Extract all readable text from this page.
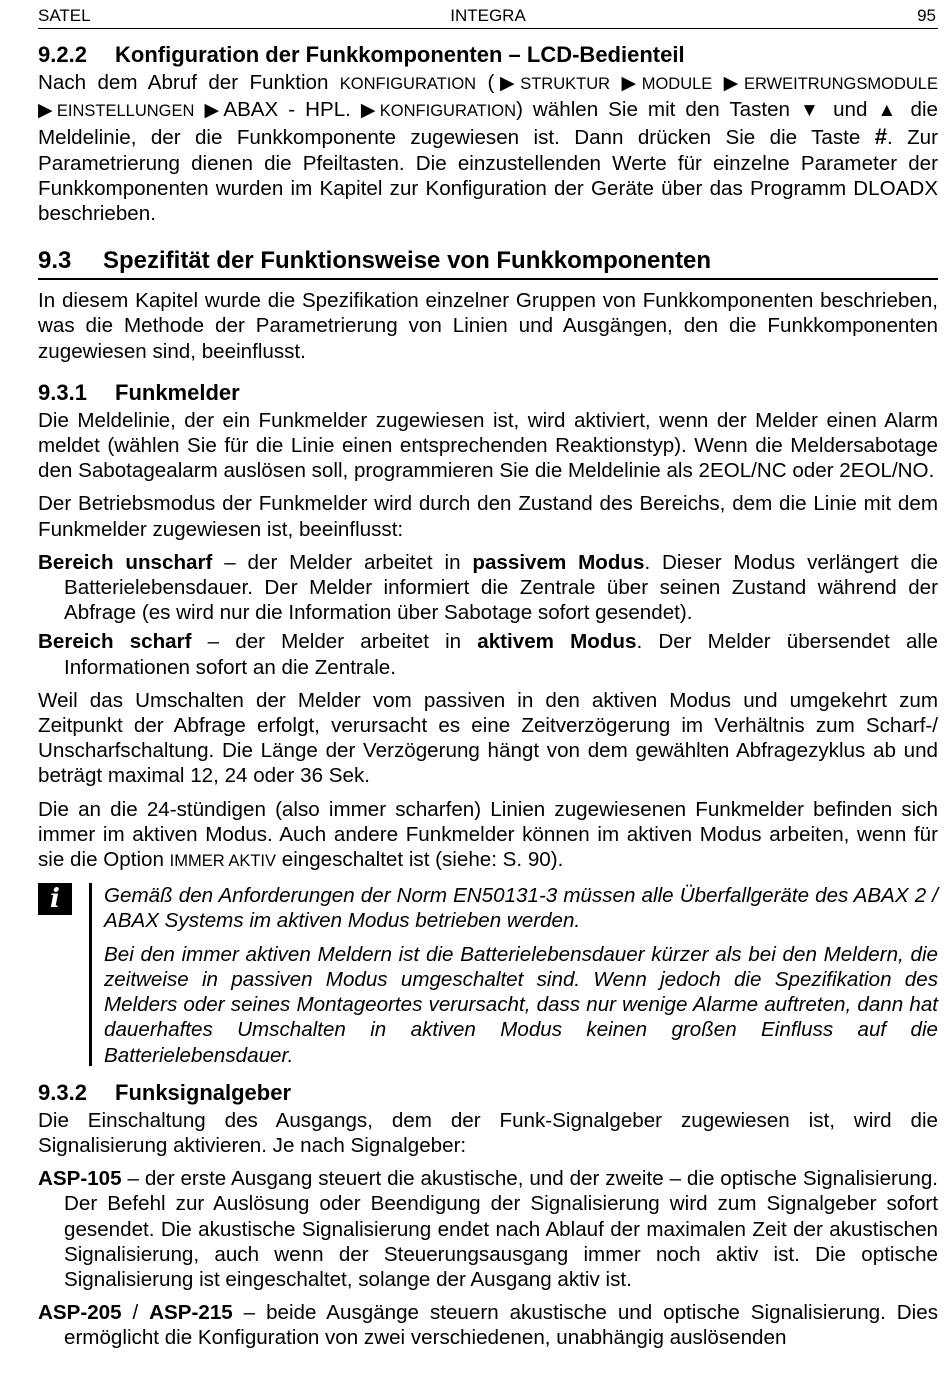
SATEL	INTEGRA	95
9.2.2 Konfiguration der Funkkomponenten – LCD-Bedienteil

Nach dem Abruf der Funktion KONFIGURATION (▶STRUKTUR ▶MODULE ▶ERWEITRUNGSMODULE ▶EINSTELLUNGEN ▶ABAX - HPL. ▶KONFIGURATION) wählen Sie mit den Tasten ▼ und ▲ die Meldelinie, der die Funkkomponente zugewiesen ist. Dann drücken Sie die Taste #. Zur Parametrierung dienen die Pfeiltasten. Die einzustellenden Werte für einzelne Parameter der Funkkomponenten wurden im Kapitel zur Konfiguration der Geräte über das Programm DLOADX beschrieben.

9.3 Spezifität der Funktionsweise von Funkkomponenten

In diesem Kapitel wurde die Spezifikation einzelner Gruppen von Funkkomponenten beschrieben, was die Methode der Parametrierung von Linien und Ausgängen, den die Funkkomponenten zugewiesen sind, beeinflusst.

9.3.1 Funkmelder

Die Meldelinie, der ein Funkmelder zugewiesen ist, wird aktiviert, wenn der Melder einen Alarm meldet (wählen Sie für die Linie einen entsprechenden Reaktionstyp). Wenn die Meldersabotage den Sabotagealarm auslösen soll, programmieren Sie die Meldelinie als 2EOL/NC oder 2EOL/NO.

Der Betriebsmodus der Funkmelder wird durch den Zustand des Bereichs, dem die Linie mit dem Funkmelder zugewiesen ist, beeinflusst:

Bereich unscharf – der Melder arbeitet in passivem Modus. Dieser Modus verlängert die Batterielebensdauer. Der Melder informiert die Zentrale über seinen Zustand während der Abfrage (es wird nur die Information über Sabotage sofort gesendet).

Bereich scharf – der Melder arbeitet in aktivem Modus. Der Melder übersendet alle Informationen sofort an die Zentrale.

Weil das Umschalten der Melder vom passiven in den aktiven Modus und umgekehrt zum Zeitpunkt der Abfrage erfolgt, verursacht es eine Zeitverzögerung im Verhältnis zum Scharf-/ Unscharfschaltung. Die Länge der Verzögerung hängt von dem gewählten Abfragezyklus ab und beträgt maximal 12, 24 oder 36 Sek.

Die an die 24-stündigen (also immer scharfen) Linien zugewiesenen Funkmelder befinden sich immer im aktiven Modus. Auch andere Funkmelder können im aktiven Modus arbeiten, wenn für sie die Option IMMER AKTIV eingeschaltet ist (siehe: S. 90).

i	Gemäß den Anforderungen der Norm EN50131-3 müssen alle Überfallgeräte des ABAX 2 / ABAX Systems im aktiven Modus betrieben werden.

Bei den immer aktiven Meldern ist die Batterielebensdauer kürzer als bei den Meldern, die zeitweise in passiven Modus umgeschaltet sind. Wenn jedoch die Spezifikation des Melders oder seines Montageortes verursacht, dass nur wenige Alarme auftreten, dann hat dauerhaftes Umschalten in aktiven Modus keinen großen Einfluss auf die Batterielebensdauer.

9.3.2 Funksignalgeber

Die Einschaltung des Ausgangs, dem der Funk-Signalgeber zugewiesen ist, wird die Signalisierung aktivieren. Je nach Signalgeber:

ASP-105 – der erste Ausgang steuert die akustische, und der zweite – die optische Signalisierung. Der Befehl zur Auslösung oder Beendigung der Signalisierung wird zum Signalgeber sofort gesendet. Die akustische Signalisierung endet nach Ablauf der maximalen Zeit der akustischen Signalisierung, auch wenn der Steuerungsausgang immer noch aktiv ist. Die optische Signalisierung ist eingeschaltet, solange der Ausgang aktiv ist.

ASP-205 / ASP-215 – beide Ausgänge steuern akustische und optische Signalisierung. Dies ermöglicht die Konfiguration von zwei verschiedenen, unabhängig auslösenden
